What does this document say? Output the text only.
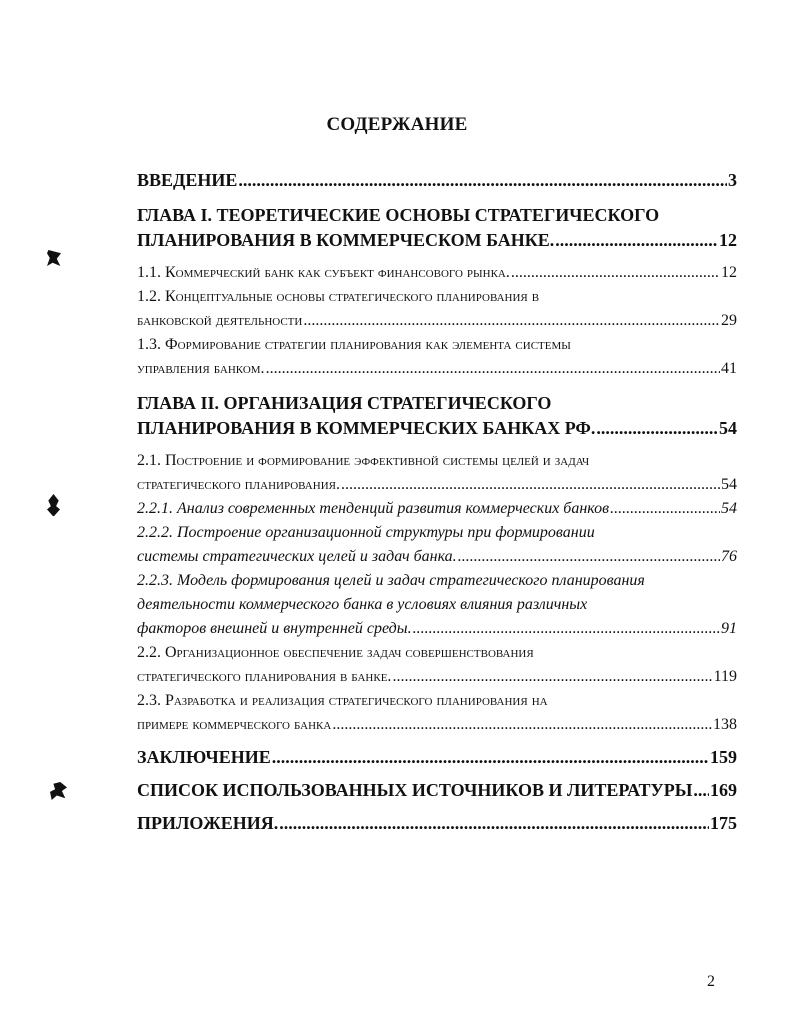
СОДЕРЖАНИЕ
ВВЕДЕНИЕ .....	3
ГЛАВА I. ТЕОРЕТИЧЕСКИЕ ОСНОВЫ СТРАТЕГИЧЕСКОГО
ПЛАНИРОВАНИЯ В КОММЕРЧЕСКОМ БАНКЕ. .....	12
1.1. Коммерческий банк как субъект финансового рынка. .....	12
1.2. Концептуальные основы стратегического планирования в
банковской деятельности .....	29
1.3. Формирование стратегии планирования как элемента системы
управления банком. .....	41
ГЛАВА II. ОРГАНИЗАЦИЯ СТРАТЕГИЧЕСКОГО
ПЛАНИРОВАНИЯ В КОММЕРЧЕСКИХ БАНКАХ РФ. .....	54
2.1. Построение и формирование эффективной системы целей и задач
стратегического планирования. .....	54
2.2.1. Анализ современных тенденций развития коммерческих банков .....	54
2.2.2. Построение организационной структуры при формировании
системы стратегических целей и задач банка. .....	76
2.2.3. Модель формирования целей и задач стратегического планирования
деятельности коммерческого банка в условиях влияния различных
факторов внешней и внутренней среды. .....	91
2.2. Организационное обеспечение задач совершенствования
стратегического планирования в банке. .....	119
2.3. Разработка и реализация стратегического планирования на
примере коммерческого банка .....	138
ЗАКЛЮЧЕНИЕ .....	159
СПИСОК ИСПОЛЬЗОВАННЫХ ИСТОЧНИКОВ И ЛИТЕРАТУРЫ ..... 169
ПРИЛОЖЕНИЯ. .....	175
2
